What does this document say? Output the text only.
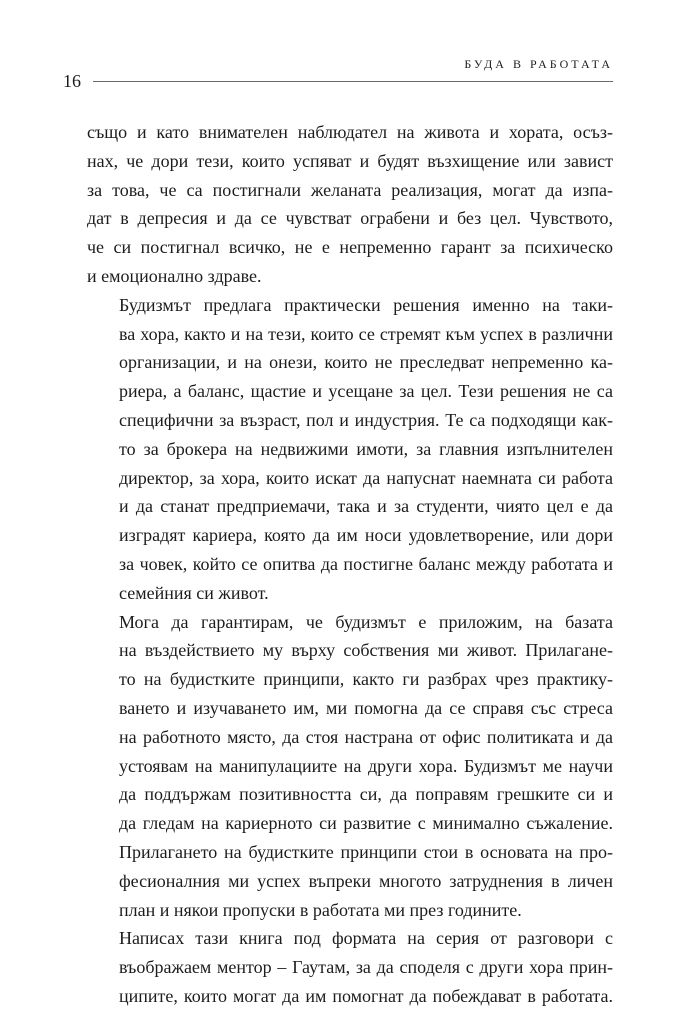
16
БУДА В РАБОТАТА

също и като внимателен наблюдател на живота и хората, осъз-
нах, че дори тези, които успяват и будят възхищение или завист
за това, че са постигнали желаната реализация, могат да изпа-
дат в депресия и да се чувстват ограбени и без цел. Чувството,
че си постигнал всичко, не е непременно гарант за психическо
и емоционално здраве.

Будизмът предлага практически решения именно на таки-
ва хора, както и на тези, които се стремят към успех в различни
организации, и на онези, които не преследват непременно ка-
риера, а баланс, щастие и усещане за цел. Тези решения не са
специфични за възраст, пол и индустрия. Те са подходящи как-
то за брокера на недвижими имоти, за главния изпълнителен
директор, за хора, които искат да напуснат наемната си работа
и да станат предприемачи, така и за студенти, чиято цел е да
изградят кариера, която да им носи удовлетворение, или дори
за човек, който се опитва да постигне баланс между работата и
семейния си живот.

Мога да гарантирам, че будизмът е приложим, на базата
на въздействието му върху собствения ми живот. Прилагане-
то на будистките принципи, както ги разбрах чрез практику-
ването и изучаването им, ми помогна да се справя със стреса
на работното място, да стоя настрана от офис политиката и да
устоявам на манипулациите на други хора. Будизмът ме научи
да поддържам позитивността си, да поправям грешките си и
да гледам на кариерното си развитие с минимално съжаление.
Прилагането на будистките принципи стои в основата на про-
фесионалния ми успех въпреки многото затруднения в личен
план и някои пропуски в работата ми през годините.

Написах тази книга под формата на серия от разговори с
въображаем ментор – Гаутам, за да споделя с други хора прин-
ципите, които могат да им помогнат да побеждават в работата.
